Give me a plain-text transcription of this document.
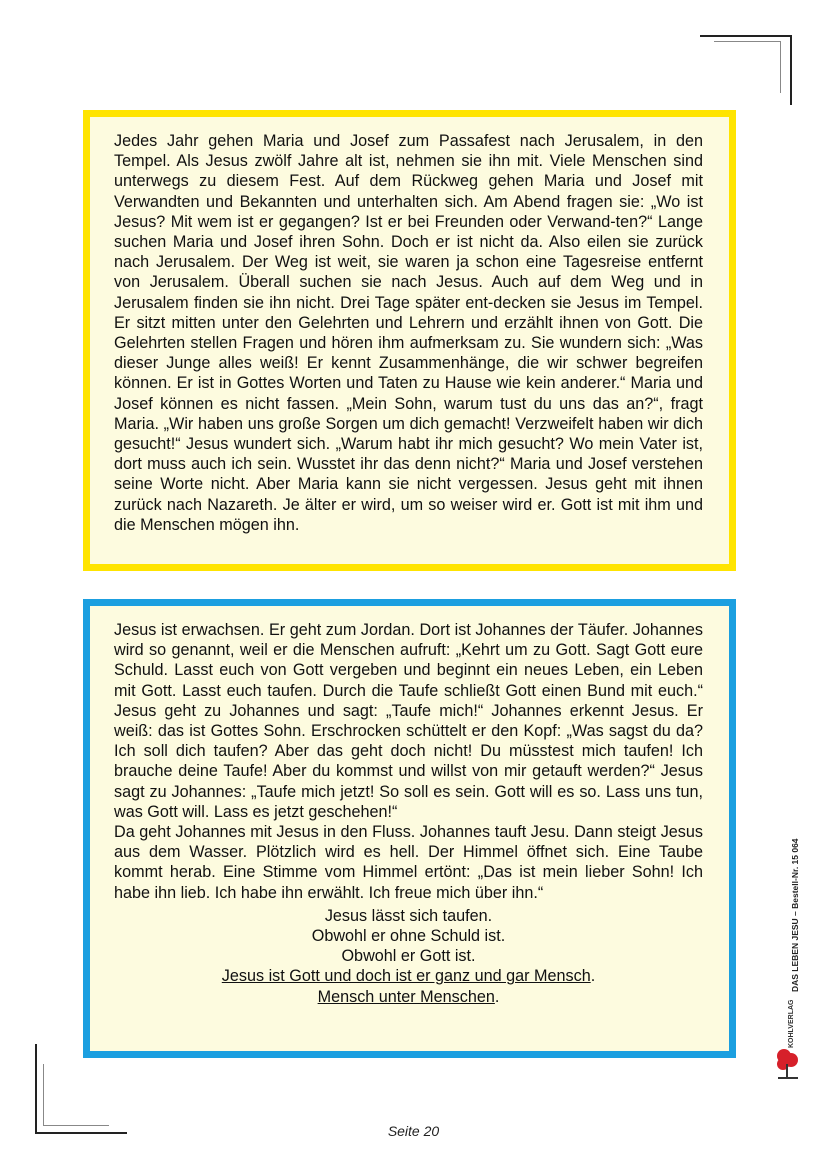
Jedes Jahr gehen Maria und Josef zum Passafest nach Jerusalem, in den Tempel. Als Jesus zwölf Jahre alt ist, nehmen sie ihn mit. Viele Menschen sind unterwegs zu diesem Fest. Auf dem Rückweg gehen Maria und Josef mit Verwandten und Bekannten und unterhalten sich. Am Abend fragen sie: „Wo ist Jesus? Mit wem ist er gegangen? Ist er bei Freunden oder Verwand-ten?“ Lange suchen Maria und Josef ihren Sohn. Doch er ist nicht da. Also eilen sie zurück nach Jerusalem. Der Weg ist weit, sie waren ja schon eine Tagesreise entfernt von Jerusalem. Überall suchen sie nach Jesus. Auch auf dem Weg und in Jerusalem finden sie ihn nicht. Drei Tage später ent-decken sie Jesus im Tempel. Er sitzt mitten unter den Gelehrten und Lehrern und erzählt ihnen von Gott. Die Gelehrten stellen Fragen und hören ihm aufmerksam zu. Sie wundern sich: „Was dieser Junge alles weiß! Er kennt Zusammenhänge, die wir schwer begreifen können. Er ist in Gottes Worten und Taten zu Hause wie kein anderer.“ Maria und Josef können es nicht fassen. „Mein Sohn, warum tust du uns das an?“, fragt Maria. „Wir haben uns große Sorgen um dich gemacht! Verzweifelt haben wir dich gesucht!“ Jesus wundert sich. „Warum habt ihr mich gesucht? Wo mein Vater ist, dort muss auch ich sein. Wusstet ihr das denn nicht?“ Maria und Josef verstehen seine Worte nicht. Aber Maria kann sie nicht vergessen. Jesus geht mit ihnen zurück nach Nazareth. Je älter er wird, um so weiser wird er. Gott ist mit ihm und die Menschen mögen ihn.

Jesus ist erwachsen. Er geht zum Jordan. Dort ist Johannes der Täufer. Johannes wird so genannt, weil er die Menschen aufruft: „Kehrt um zu Gott. Sagt Gott eure Schuld. Lasst euch von Gott vergeben und beginnt ein neues Leben, ein Leben mit Gott. Lasst euch taufen. Durch die Taufe schließt Gott einen Bund mit euch.“ Jesus geht zu Johannes und sagt: „Taufe mich!“ Johannes erkennt Jesus. Er weiß: das ist Gottes Sohn. Erschrocken schüttelt er den Kopf: „Was sagst du da? Ich soll dich taufen? Aber das geht doch nicht! Du müsstest mich taufen! Ich brauche deine Taufe! Aber du kommst und willst von mir getauft werden?“ Jesus sagt zu Johannes: „Taufe mich jetzt! So soll es sein. Gott will es so. Lass uns tun, was Gott will. Lass es jetzt geschehen!“

Da geht Johannes mit Jesus in den Fluss. Johannes tauft Jesu. Dann steigt Jesus aus dem Wasser. Plötzlich wird es hell. Der Himmel öffnet sich. Eine Taube kommt herab. Eine Stimme vom Himmel ertönt: „Das ist mein lieber Sohn! Ich habe ihn lieb. Ich habe ihn erwählt. Ich freue mich über ihn.“

Jesus lässt sich taufen.
Obwohl er ohne Schuld ist.
Obwohl er Gott ist.
Jesus ist Gott und doch ist er ganz und gar Mensch.
Mensch unter Menschen.
DAS LEBEN JESU – Bestell-Nr. 15 064
KOHLVERLAG
Seite 20
